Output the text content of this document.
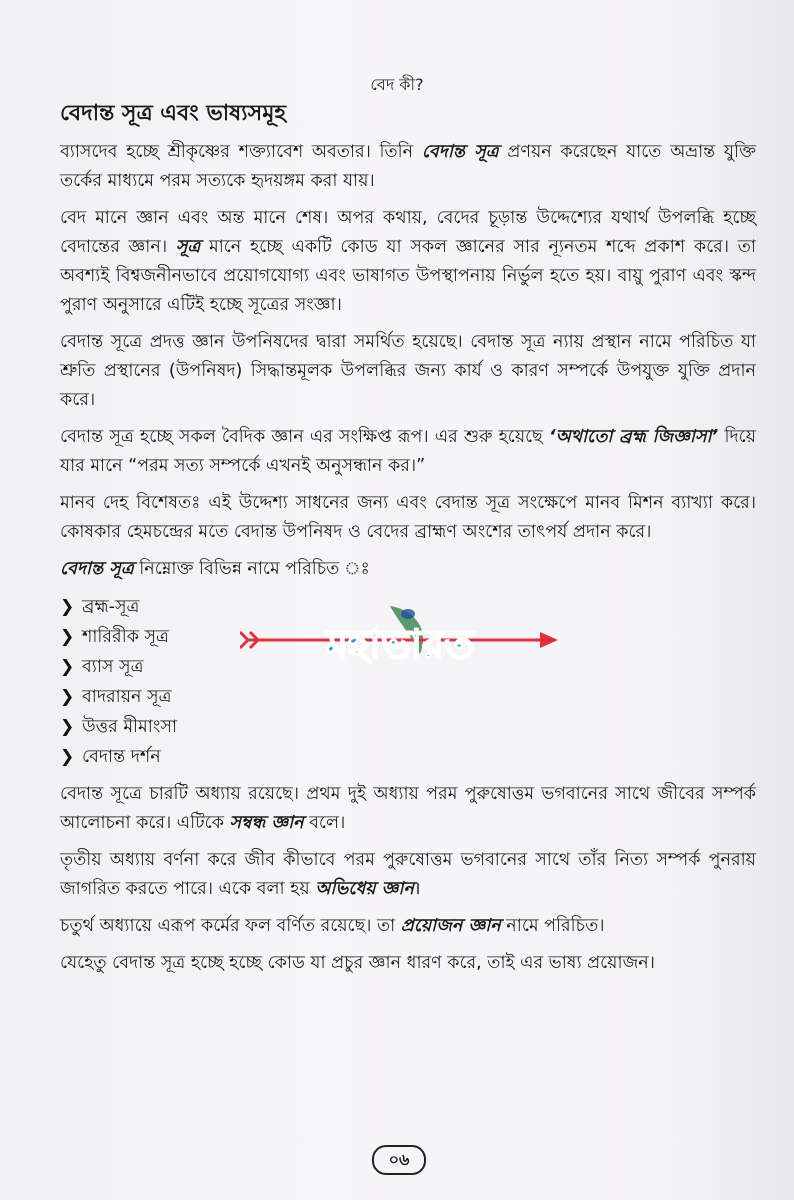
বেদ কী?
বেদান্ত সূত্র এবং ভাষ্যসমূহ

ব্যাসদেব হচ্ছে শ্রীকৃষ্ণের শক্ত্যাবেশ অবতার। তিনি বেদান্ত সূত্র প্রণয়ন করেছেন যাতে অভ্রান্ত যুক্তি তর্কের মাধ্যমে পরম সত্যকে হৃদয়ঙ্গম করা যায়।

বেদ মানে জ্ঞান এবং অন্ত মানে শেষ। অপর কথায়, বেদের চূড়ান্ত উদ্দেশ্যের যথার্থ উপলব্ধি হচ্ছে বেদান্তের জ্ঞান। সূত্র মানে হচ্ছে একটি কোড যা সকল জ্ঞানের সার ন্যূনতম শব্দে প্রকাশ করে। তা অবশ্যই বিশ্বজনীনভাবে প্রয়োগযোগ্য এবং ভাষাগত উপস্থাপনায় নির্ভুল হতে হয়। বায়ু পুরাণ এবং স্কন্দ পুরাণ অনুসারে এটিই হচ্ছে সূত্রের সংজ্ঞা।

বেদান্ত সূত্রে প্রদত্ত জ্ঞান উপনিষদের দ্বারা সমর্থিত হয়েছে। বেদান্ত সূত্র ন্যায় প্রস্থান নামে পরিচিত যা শ্রুতি প্রস্থানের (উপনিষদ) সিদ্ধান্তমূলক উপলব্ধির জন্য কার্য ও কারণ সম্পর্কে উপযুক্ত যুক্তি প্রদান করে।

বেদান্ত সূত্র হচ্ছে সকল বৈদিক জ্ঞান এর সংক্ষিপ্ত রূপ। এর শুরু হয়েছে ‘অথাতো ব্রহ্ম জিজ্ঞাসা’ দিয়ে যার মানে “পরম সত্য সম্পর্কে এখনই অনুসন্ধান কর।”

মানব দেহ বিশেষতঃ এই উদ্দেশ্য সাধনের জন্য এবং বেদান্ত সূত্র সংক্ষেপে মানব মিশন ব্যাখ্যা করে। কোষকার হেমচন্দ্রের মতে বেদান্ত উপনিষদ ও বেদের ব্রাহ্মণ অংশের তাৎপর্য প্রদান করে।

বেদান্ত সূত্র নিম্নোক্ত বিভিন্ন নামে পরিচিত ঃ

❯ ব্রহ্ম-সূত্র
❯ শারিরীক সূত্র
❯ ব্যাস সূত্র
❯ বাদরায়ন সূত্র
❯ উত্তর মীমাংসা
❯ বেদান্ত দর্শন

বেদান্ত সূত্রে চারটি অধ্যায় রয়েছে। প্রথম দুই অধ্যায় পরম পুরুষোত্তম ভগবানের সাথে জীবের সম্পর্ক আলোচনা করে। এটিকে সম্বন্ধ জ্ঞান বলে।

তৃতীয় অধ্যায় বর্ণনা করে জীব কীভাবে পরম পুরুষোত্তম ভগবানের সাথে তাঁর নিত্য সম্পর্ক পুনরায় জাগরিত করতে পারে। একে বলা হয় অভিধেয় জ্ঞান।

চতুর্থ অধ্যায়ে এরূপ কর্মের ফল বর্ণিত রয়েছে। তা প্রয়োজন জ্ঞান নামে পরিচিত।

যেহেতু বেদান্ত সূত্র হচ্ছে হচ্ছে কোড যা প্রচুর জ্ঞান ধারণ করে, তাই এর ভাষ্য প্রয়োজন।

মহাভারত
০৬
